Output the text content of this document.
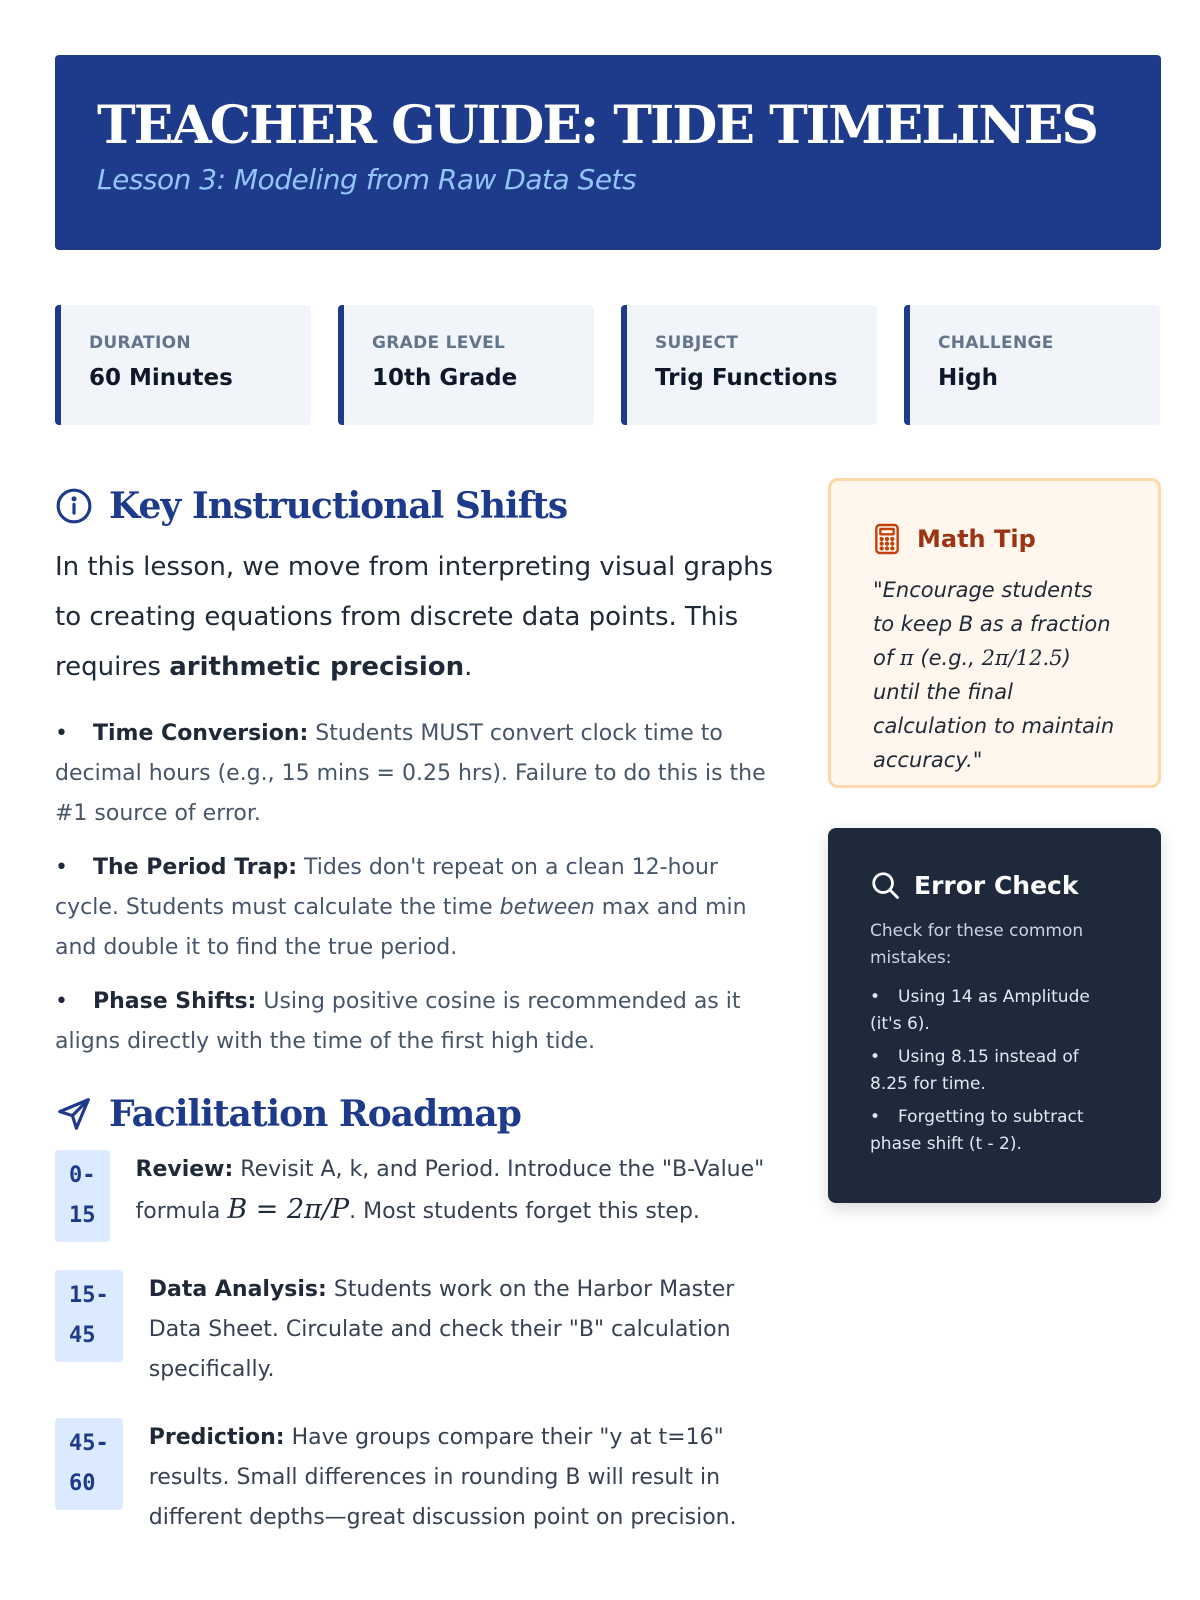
TEACHER GUIDE: TIDE TIMELINES
Lesson 3: Modeling from Raw Data Sets
DURATION
60 Minutes
GRADE LEVEL
10th Grade
SUBJECT
Trig Functions
CHALLENGE
High
Key Instructional Shifts

In this lesson, we move from interpreting visual graphs to creating equations from discrete data points. This requires arithmetic precision.

• Time Conversion: Students MUST convert clock time to decimal hours (e.g., 15 mins = 0.25 hrs). Failure to do this is the #1 source of error.
• The Period Trap: Tides don't repeat on a clean 12-hour cycle. Students must calculate the time between max and min and double it to find the true period.
• Phase Shifts: Using positive cosine is recommended as it aligns directly with the time of the first high tide.
Facilitation Roadmap
0-
15
Review: Revisit A, k, and Period. Introduce the "B-Value" formula B = 2π/P. Most students forget this step.
15-
45
Data Analysis: Students work on the Harbor Master Data Sheet. Circulate and check their "B" calculation specifically.
45-
60
Prediction: Have groups compare their "y at t=16" results. Small differences in rounding B will result in different depths—great discussion point on precision.
Math Tip

"Encourage students to keep B as a fraction of π (e.g., 2π/12.5) until the final calculation to maintain accuracy."

Error Check

Check for these common mistakes:

• Using 14 as Amplitude (it's 6).
• Using 8.15 instead of 8.25 for time.
• Forgetting to subtract phase shift (t - 2).
